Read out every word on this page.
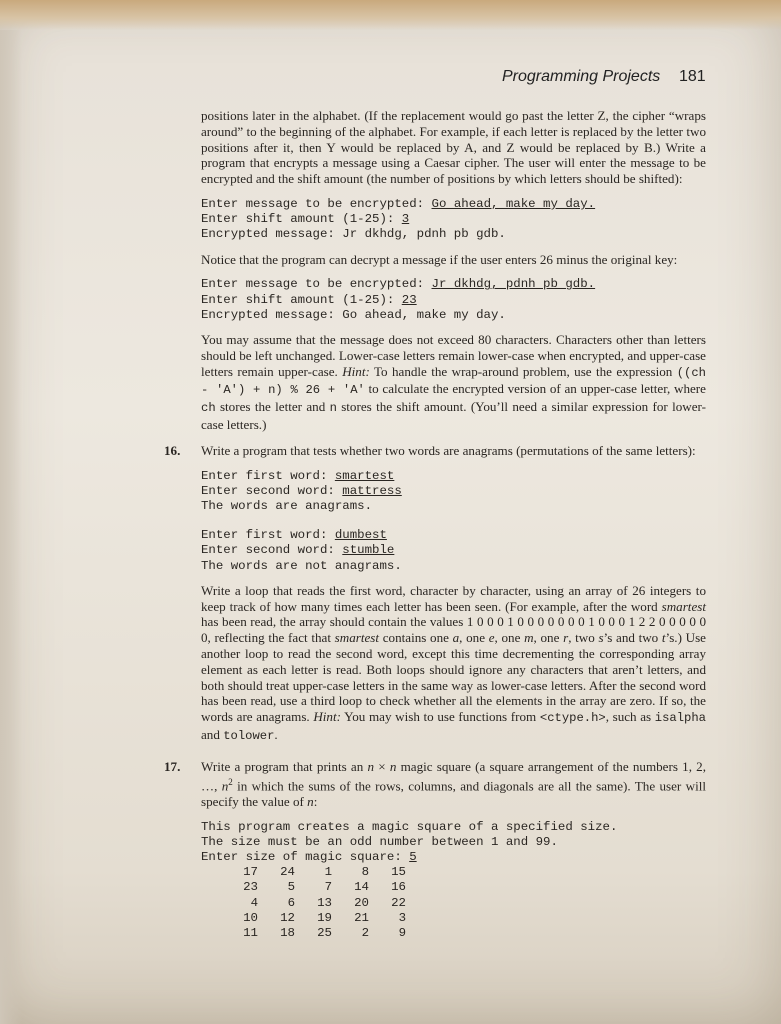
Programming Projects 181

positions later in the alphabet. (If the replacement would go past the letter Z, the cipher “wraps around” to the beginning of the alphabet. For example, if each letter is replaced by the letter two positions after it, then Y would be replaced by A, and Z would be replaced by B.) Write a program that encrypts a message using a Caesar cipher. The user will enter the message to be encrypted and the shift amount (the number of positions by which letters should be shifted):

Enter message to be encrypted: Go ahead, make my day.
Enter shift amount (1-25): 3
Encrypted message: Jr dkhdg, pdnh pb gdb.

Notice that the program can decrypt a message if the user enters 26 minus the original key:

Enter message to be encrypted: Jr dkhdg, pdnh pb gdb.
Enter shift amount (1-25): 23
Encrypted message: Go ahead, make my day.

You may assume that the message does not exceed 80 characters. Characters other than letters should be left unchanged. Lower-case letters remain lower-case when encrypted, and upper-case letters remain upper-case. Hint: To handle the wrap-around problem, use the expression ((ch - 'A') + n) % 26 + 'A' to calculate the encrypted version of an upper-case letter, where ch stores the letter and n stores the shift amount. (You’ll need a similar expression for lower-case letters.)

16. Write a program that tests whether two words are anagrams (permutations of the same letters):

Enter first word: smartest
Enter second word: mattress
The words are anagrams.
Enter first word: dumbest
Enter second word: stumble
The words are not anagrams.

Write a loop that reads the first word, character by character, using an array of 26 integers to keep track of how many times each letter has been seen. (For example, after the word smartest has been read, the array should contain the values 1 0 0 0 1 0 0 0 0 0 0 0 1 0 0 0 1 2 2 0 0 0 0 0 0, reflecting the fact that smartest contains one a, one e, one m, one r, two s’s and two t’s.) Use another loop to read the second word, except this time decrementing the corresponding array element as each letter is read. Both loops should ignore any characters that aren’t letters, and both should treat upper-case letters in the same way as lower-case letters. After the second word has been read, use a third loop to check whether all the elements in the array are zero. If so, the words are anagrams. Hint: You may wish to use functions from <ctype.h>, such as isalpha and tolower.

17. Write a program that prints an n × n magic square (a square arrangement of the numbers 1, 2, …, $n^2$ in which the sums of the rows, columns, and diagonals are all the same). The user will specify the value of n:

This program creates a magic square of a specified size.
The size must be an odd number between 1 and 99.
Enter size of magic square: 5
17	24	1	8	15
23	5	7	14	16
4	6	13	20	22
10	12	19	21	3
11	18	25	2	9
